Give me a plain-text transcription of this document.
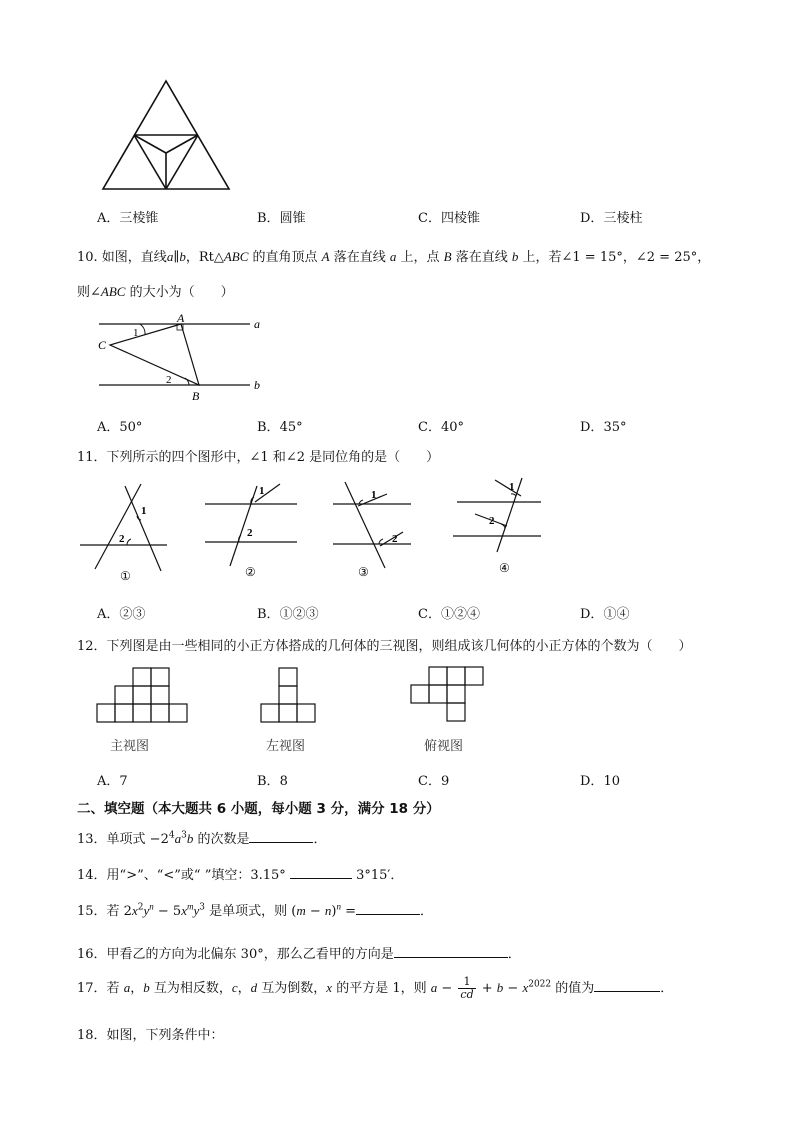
A．三棱锥	B．圆锥	C．四棱锥	D．三棱柱
10. 如图，直线a∥b，Rt△ABC 的直角顶点 A 落在直线 a 上，点 B 落在直线 b 上，若∠1 = 15°，∠2 = 25°，
则∠ABC 的大小为（　　）
A
C
B
a
b
1
2
A．50°	B．45°	C．40°	D．35°
11．下列所示的四个图形中，∠1 和∠2 是同位角的是（　　）
1
2
①
1
2
②
1
2
③
1
2
④
A．②③	B．①②③	C．①②④	D．①④
12．下列图是由一些相同的小正方体搭成的几何体的三视图，则组成该几何体的小正方体的个数为（　　）
主视图	左视图	俯视图
A．7	B．8	C．9	D．10
二、填空题（本大题共 6 小题，每小题 3 分，满分 18 分）
13．单项式 $-2^4a^3b$ 的次数是	．
14．用“>”、“<”或“ ”填空：3.15°	3°15′．
15．若 $2x^2y^n - 5x^my^3$ 是单项式，则 $(m - n)^n$ =	．
16．甲看乙的方向为北偏东 30°，那么乙看甲的方向是	．
17．若 a，b 互为相反数，c，d 互为倒数，x 的平方是 1，则 $a - \frac{1}{cd} + b - x^{2022}$ 的值为	．
18．如图，下列条件中：
